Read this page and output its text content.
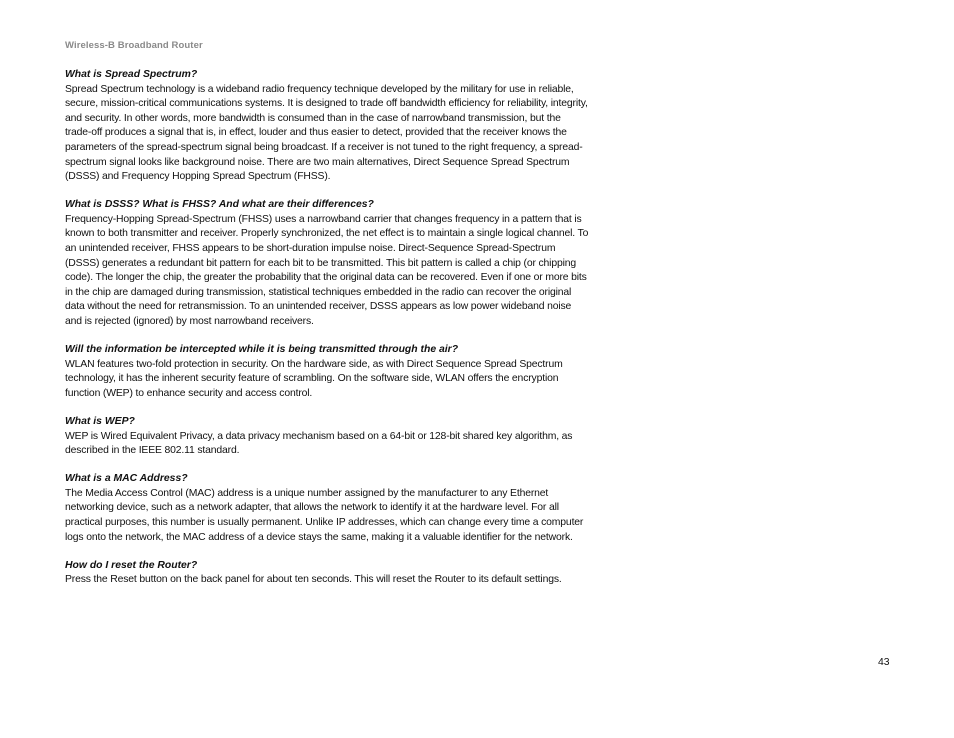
Wireless-B Broadband Router

What is Spread Spectrum?

Spread Spectrum technology is a wideband radio frequency technique developed by the military for use in reliable, secure, mission-critical communications systems. It is designed to trade off bandwidth efficiency for reliability, integrity, and security. In other words, more bandwidth is consumed than in the case of narrowband transmission, but the trade-off produces a signal that is, in effect, louder and thus easier to detect, provided that the receiver knows the parameters of the spread-spectrum signal being broadcast. If a receiver is not tuned to the right frequency, a spread-spectrum signal looks like background noise. There are two main alternatives, Direct Sequence Spread Spectrum (DSSS) and Frequency Hopping Spread Spectrum (FHSS).

What is DSSS? What is FHSS? And what are their differences?

Frequency-Hopping Spread-Spectrum (FHSS) uses a narrowband carrier that changes frequency in a pattern that is known to both transmitter and receiver. Properly synchronized, the net effect is to maintain a single logical channel. To an unintended receiver, FHSS appears to be short-duration impulse noise. Direct-Sequence Spread-Spectrum (DSSS) generates a redundant bit pattern for each bit to be transmitted. This bit pattern is called a chip (or chipping code). The longer the chip, the greater the probability that the original data can be recovered. Even if one or more bits in the chip are damaged during transmission, statistical techniques embedded in the radio can recover the original data without the need for retransmission. To an unintended receiver, DSSS appears as low power wideband noise and is rejected (ignored) by most narrowband receivers.

Will the information be intercepted while it is being transmitted through the air?

WLAN features two-fold protection in security. On the hardware side, as with Direct Sequence Spread Spectrum technology, it has the inherent security feature of scrambling. On the software side, WLAN offers the encryption function (WEP) to enhance security and access control.

What is WEP?

WEP is Wired Equivalent Privacy, a data privacy mechanism based on a 64-bit or 128-bit shared key algorithm, as described in the IEEE 802.11 standard.

What is a MAC Address?

The Media Access Control (MAC) address is a unique number assigned by the manufacturer to any Ethernet networking device, such as a network adapter, that allows the network to identify it at the hardware level. For all practical purposes, this number is usually permanent. Unlike IP addresses, which can change every time a computer logs onto the network, the MAC address of a device stays the same, making it a valuable identifier for the network.

How do I reset the Router?

Press the Reset button on the back panel for about ten seconds. This will reset the Router to its default settings.

43
